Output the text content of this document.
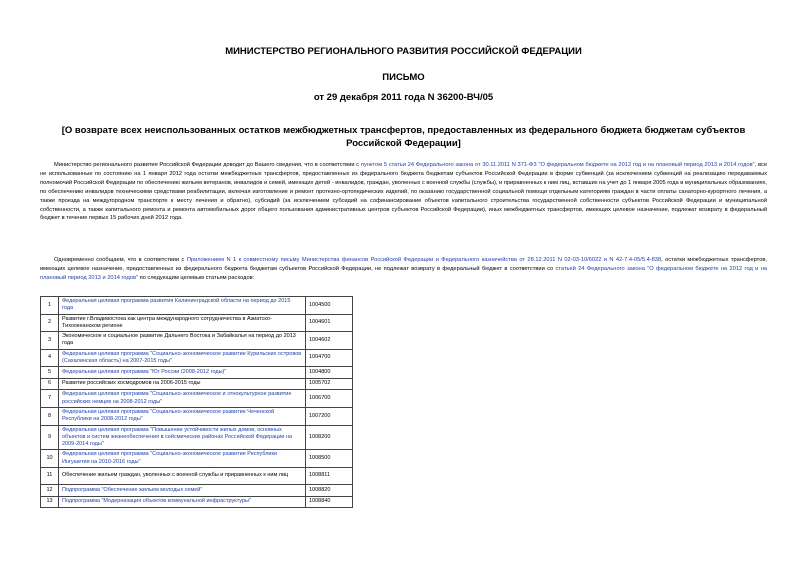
МИНИСТЕРСТВО РЕГИОНАЛЬНОГО РАЗВИТИЯ РОССИЙСКОЙ ФЕДЕРАЦИИ

ПИСЬМО

от 29 декабря 2011 года N 36200-ВЧ/05

[О возврате всех неиспользованных остатков межбюджетных трансфертов, предоставленных из федерального бюджета бюджетам субъектов Российской Федерации]

Министерство регионального развития Российской Федерации доводит до Вашего сведения, что в соответствии с пунктом 5 статьи 24 Федерального закона от 30.11.2011 N 371-ФЗ "О федеральном бюджете на 2012 год и на плановый период 2013 и 2014 годов", все не использованные по состоянию на 1 января 2012 года остатки межбюджетных трансфертов, предоставленных из федерального бюджета бюджетам субъектов Российской Федерации в форме субвенций (за исключением субвенций на реализацию передаваемых полномочий Российской Федерации по обеспечению жильем ветеранов, инвалидов и семей, имеющих детей - инвалидов, граждан, уволенных с военной службы (службы), и приравненных к ним лиц, вставших на учет до 1 января 2005 года в муниципальных образованиях, по обеспечению инвалидов техническими средствами реабилитации, включая изготовление и ремонт протезно-ортопедических изделий, по оказанию государственной социальной помощи отдельным категориям граждан в части оплаты санаторно-курортного лечения, а также проезда на междугородном транспорте к месту лечения и обратно), субсидий (за исключением субсидий на софинансирование объектов капитального строительства государственной собственности субъектов Российской Федерации и муниципальной собственности, а также капитального ремонта и ремонта автомобильных дорог общего пользования административных центров субъектов Российской Федерации), иных межбюджетных трансфертов, имеющих целевое назначение, подлежат возврату в федеральный бюджет в течение первых 15 рабочих дней 2012 года.

Одновременно сообщаем, что в соответствии с Приложением N 1 к совместному письму Министерства финансов Российской Федерации и Федерального казначейства от 28.12.2011 N 02-03-10/6022 и N 42-7.4-05/5.4-838, остатки межбюджетных трансфертов, имеющих целевое назначение, предоставленных из федерального бюджета бюджетам субъектов Российской Федерации, не подлежат возврату в федеральный бюджет в соответствии со статьей 24 Федерального закона "О федеральном бюджете на 2012 год и на плановый период 2013 и 2014 годов" по следующим целевым статьям расходов:

1	Федеральная целевая программа развития Калининградской области на период до 2015 года	1004500
2	Развитие г.Владивостока как центра международного сотрудничества в Азиатско-Тихоокеанском регионе	1004601
3	Экономическое и социальное развитие Дальнего Востока и Забайкалья на период до 2013 года	1004602
4	Федеральная целевая программа "Социально-экономическое развитие Курильских островов (Сахалинская область) на 2007-2015 годы"	1004700
5	Федеральная целевая программа "Юг России (2008-2012 годы)"	1004800
6	Развитие российских космодромов на 2006-2015 годы	1005702
7	Федеральная целевая программа "Социально-экономическое и этнокультурное развитие российских немцев на 2008-2012 годы"	1006700
8	Федеральная целевая программа "Социально-экономическое развитие Чеченской Республики на 2008-2012 годы"	1007200
9	Федеральная целевая программа "Повышение устойчивости жилых домов, основных объектов и систем жизнеобеспечения в сейсмических районах Российской Федерации на 2009-2014 годы"	1008200
10	Федеральная целевая программа "Социально-экономическое развитие Республики Ингушетия на 2010-2016 годы"	1008500
11	Обеспечение жильем граждан, уволенных с военной службы и приравненных к ним лиц	1008811
12	Подпрограмма "Обеспечение жильем молодых семей"	1008820
13	Подпрограмма "Модернизация объектов коммунальной инфраструктуры"	1008840
